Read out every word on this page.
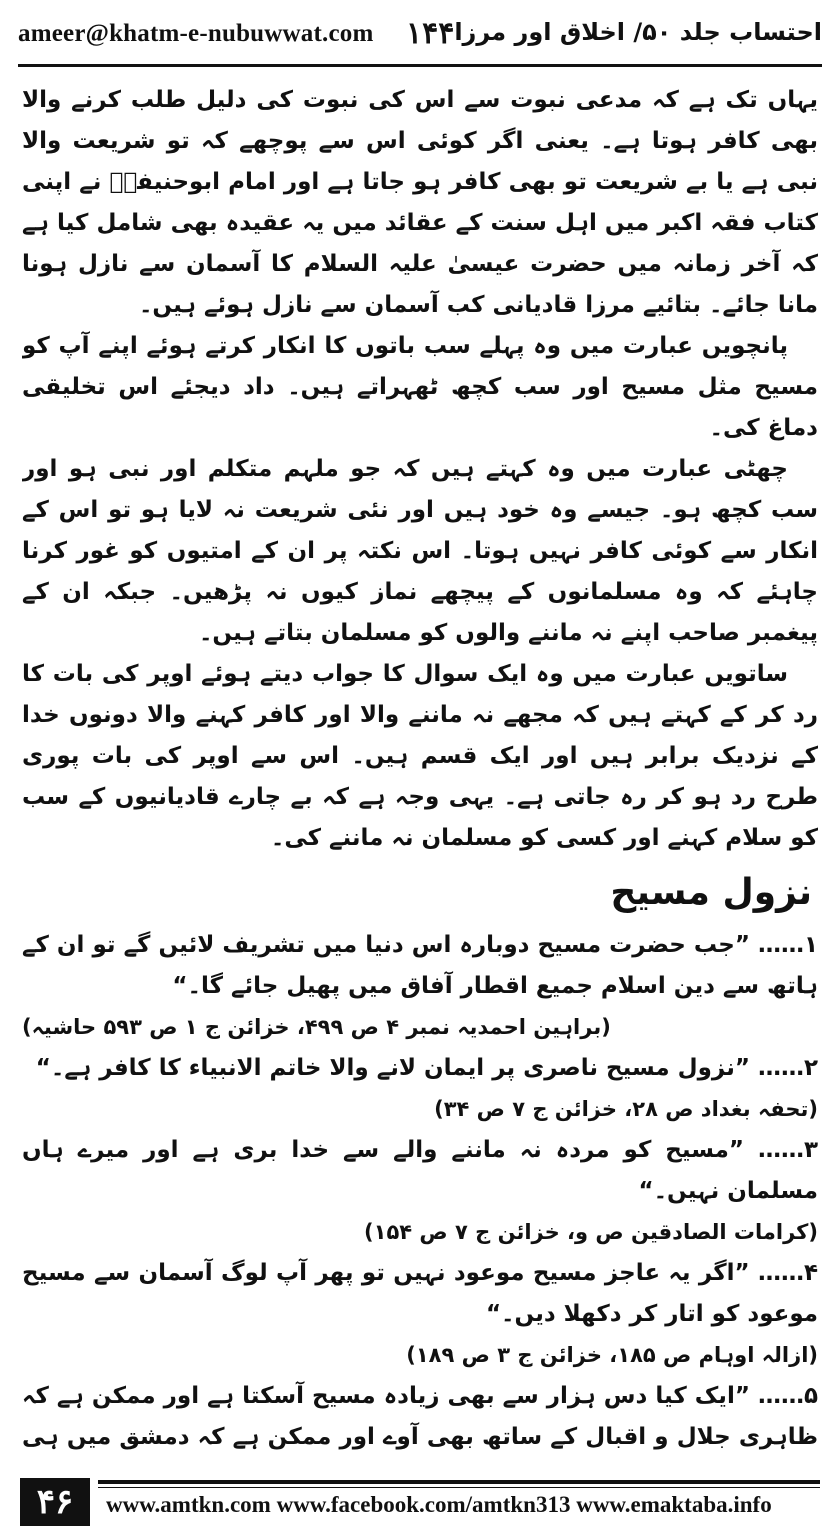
ameer@khatm-e-nubuwwat.com ۱۴۴ احتساب جلد ۵۰/ اخلاق اور مرزا

یہاں تک ہے کہ مدعی نبوت سے اس کی نبوت کی دلیل طلب کرنے والا بھی کافر ہوتا ہے۔ یعنی اگر کوئی اس سے پوچھے کہ تو شریعت والا نبی ہے یا بے شریعت تو بھی کافر ہو جاتا ہے اور امام ابوحنیفہؒ نے اپنی کتاب فقہ اکبر میں اہل سنت کے عقائد میں یہ عقیدہ بھی شامل کیا ہے کہ آخر زمانہ میں حضرت عیسیٰ علیہ السلام کا آسمان سے نازل ہونا مانا جائے۔ بتائیے مرزا قادیانی کب آسمان سے نازل ہوئے ہیں۔

پانچویں عبارت میں وہ پہلے سب باتوں کا انکار کرتے ہوئے اپنے آپ کو مسیح مثل مسیح اور سب کچھ ٹھہراتے ہیں۔ داد دیجئے اس تخلیقی دماغ کی۔

چھٹی عبارت میں وہ کہتے ہیں کہ جو ملہم متکلم اور نبی ہو اور سب کچھ ہو۔ جیسے وہ خود ہیں اور نئی شریعت نہ لایا ہو تو اس کے انکار سے کوئی کافر نہیں ہوتا۔ اس نکتہ پر ان کے امتیوں کو غور کرنا چاہئے کہ وہ مسلمانوں کے پیچھے نماز کیوں نہ پڑھیں۔ جبکہ ان کے پیغمبر صاحب اپنے نہ ماننے والوں کو مسلمان بتاتے ہیں۔

ساتویں عبارت میں وہ ایک سوال کا جواب دیتے ہوئے اوپر کی بات کا رد کر کے کہتے ہیں کہ مجھے نہ ماننے والا اور کافر کہنے والا دونوں خدا کے نزدیک برابر ہیں اور ایک قسم ہیں۔ اس سے اوپر کی بات پوری طرح رد ہو کر رہ جاتی ہے۔ یہی وجہ ہے کہ بے چارے قادیانیوں کے سب کو سلام کہنے اور کسی کو مسلمان نہ ماننے کی۔

نزول مسیح

۱…… ”جب حضرت مسیح دوبارہ اس دنیا میں تشریف لائیں گے تو ان کے ہاتھ سے دین اسلام جمیع اقطار آفاق میں پھیل جائے گا۔“
(براہین احمدیہ نمبر ۴ ص ۴۹۹، خزائن ج ۱ ص ۵۹۳ حاشیہ)
۲…… ”نزول مسیح ناصری پر ایمان لانے والا خاتم الانبیاء کا کافر ہے۔“
(تحفہ بغداد ص ۲۸، خزائن ج ۷ ص ۳۴)
۳…… ”مسیح کو مردہ نہ ماننے والے سے خدا بری ہے اور میرے ہاں مسلمان نہیں۔“
(کرامات الصادقین ص و، خزائن ج ۷ ص ۱۵۴)
۴…… ”اگر یہ عاجز مسیح موعود نہیں تو پھر آپ لوگ آسمان سے مسیح موعود کو اتار کر دکھلا دیں۔“
(ازالہ اوہام ص ۱۸۵، خزائن ج ۳ ص ۱۸۹)
۵…… ”ایک کیا دس ہزار سے بھی زیادہ مسیح آسکتا ہے اور ممکن ہے کہ ظاہری جلال و اقبال کے ساتھ بھی آوے اور ممکن ہے کہ دمشق میں ہی
۴۶	www.amtkn.com www.facebook.com/amtkn313 www.emaktaba.info
